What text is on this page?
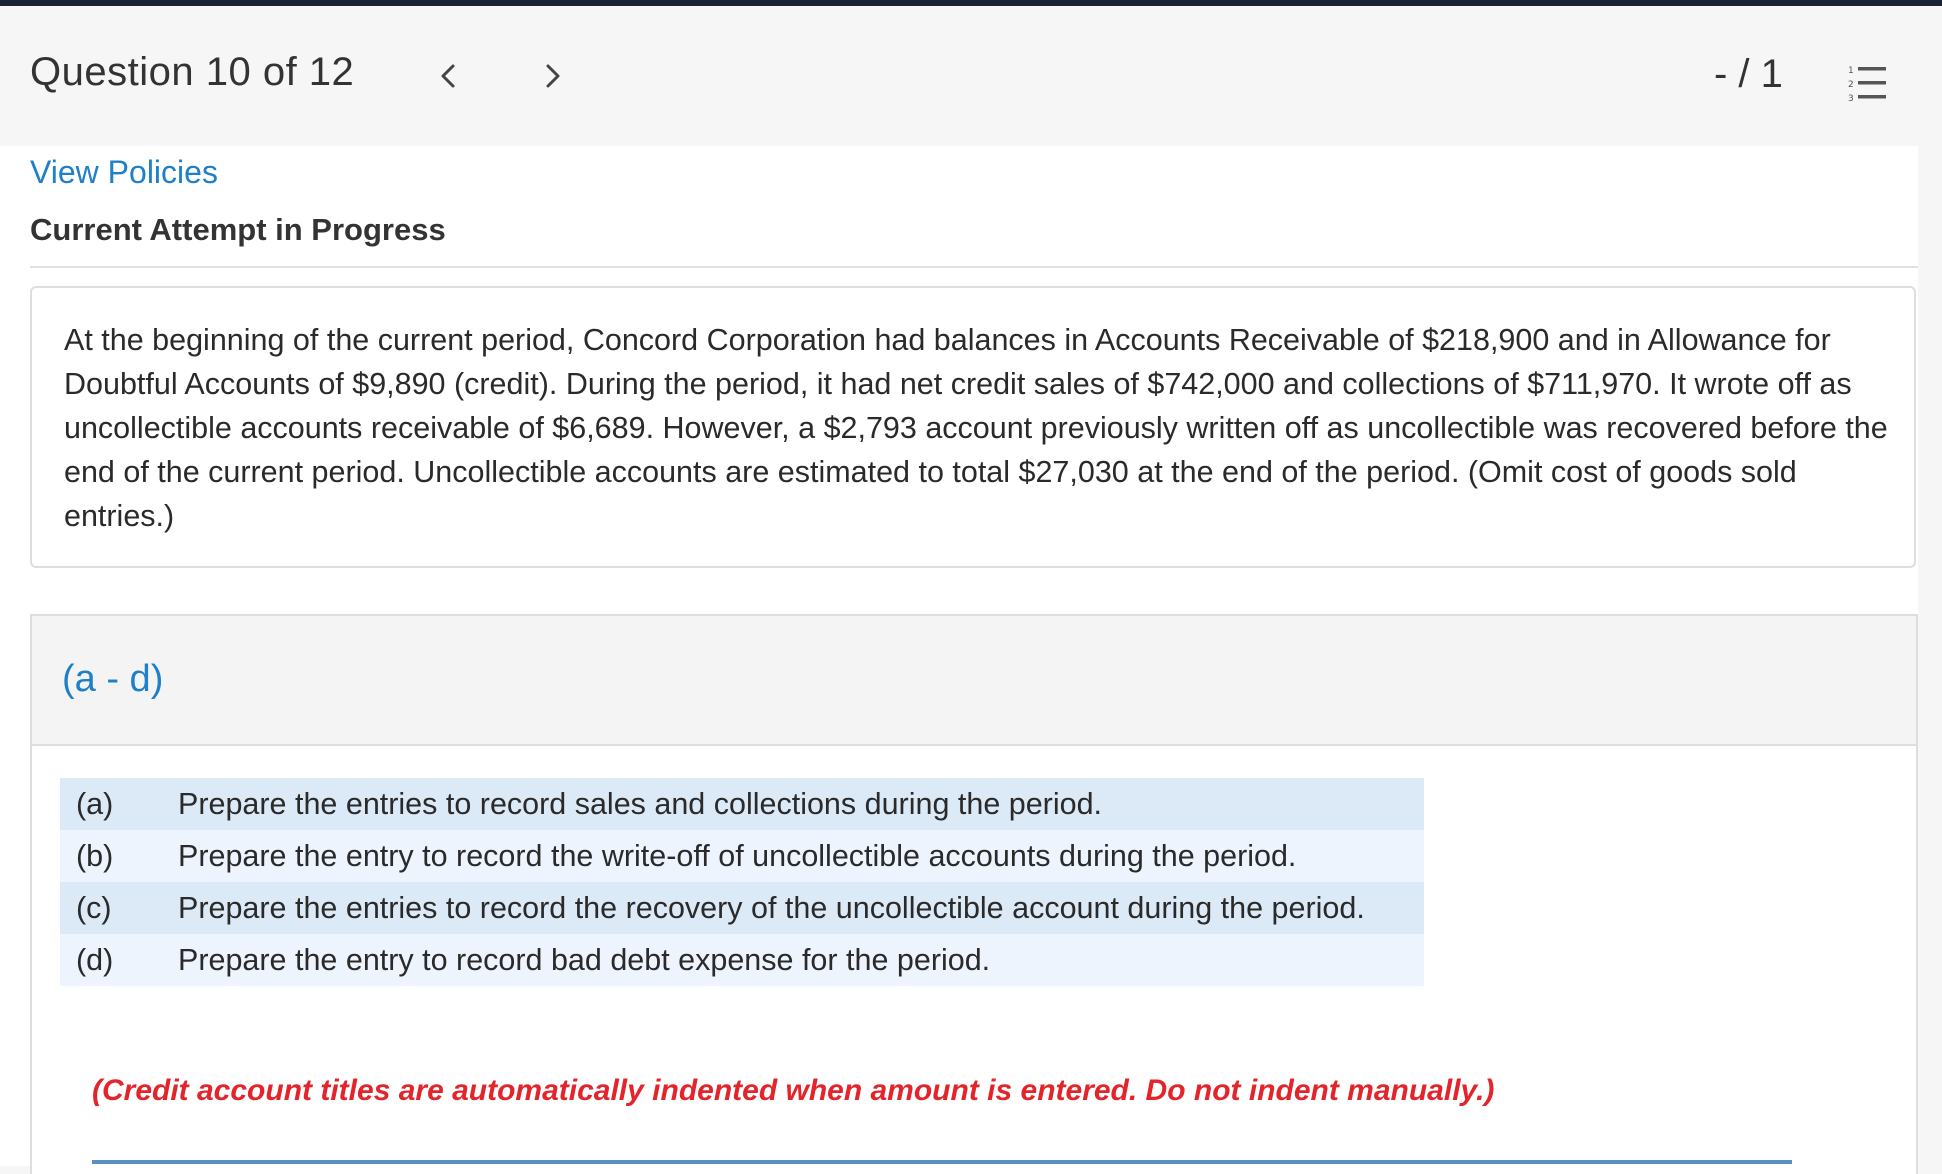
Question 10 of 12	- / 1	1
2
3
View Policies
Current Attempt in Progress
At the beginning of the current period, Concord Corporation had balances in Accounts Receivable of $218,900 and in Allowance for Doubtful Accounts of $9,890 (credit). During the period, it had net credit sales of $742,000 and collections of $711,970. It wrote off as uncollectible accounts receivable of $6,689. However, a $2,793 account previously written off as uncollectible was recovered before the end of the current period. Uncollectible accounts are estimated to total $27,030 at the end of the period. (Omit cost of goods sold entries.)
(a - d)
(a)	Prepare the entries to record sales and collections during the period.
(b)	Prepare the entry to record the write-off of uncollectible accounts during the period.
(c)	Prepare the entries to record the recovery of the uncollectible account during the period.
(d)	Prepare the entry to record bad debt expense for the period.
(Credit account titles are automatically indented when amount is entered. Do not indent manually.)
